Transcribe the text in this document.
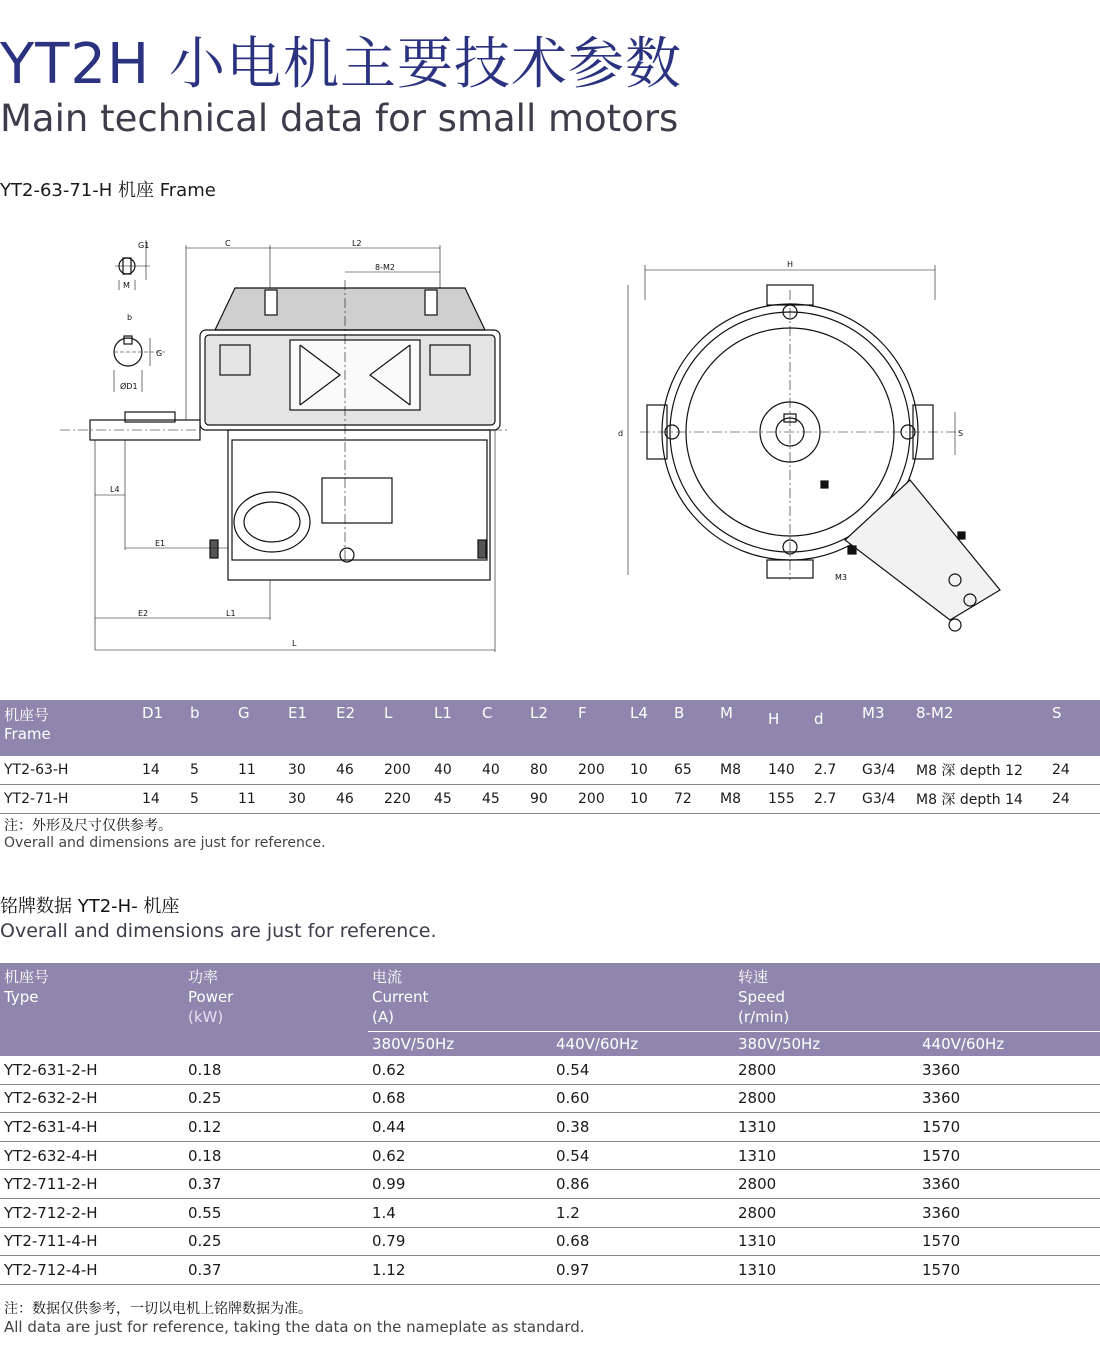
YT2H 小电机主要技术参数
Main technical data for small motors
YT2-63-71-H 机座 Frame
C	L2
8-M2
G1
M
b
G
ØD1
L4
E1
E2	L1
L
H
S
M3
d
机座号
Frame	D1	b	G	E1	E2	L	L1	C	L2	F	L4	B	M	H	d	M3	8-M2	S
YT2-63-H	14	5	11	30	46	200	40	40	80	200	10	65	M8	140	2.7	G3/4	M8 深 depth 12	24
YT2-71-H	14	5	11	30	46	220	45	45	90	200	10	72	M8	155	2.7	G3/4	M8 深 depth 14	24
注：外形及尺寸仅供参考。
Overall and dimensions are just for reference.
铭牌数据 YT2-H- 机座
Overall and dimensions are just for reference.
机座号
Type	功率
Power
(kW)	电流
Current
(A)		转速
Speed
(r/min)	
		380V/50Hz	440V/60Hz	380V/50Hz	440V/60Hz
YT2-631-2-H	0.18	0.62	0.54	2800	3360
YT2-632-2-H	0.25	0.68	0.60	2800	3360
YT2-631-4-H	0.12	0.44	0.38	1310	1570
YT2-632-4-H	0.18	0.62	0.54	1310	1570
YT2-711-2-H	0.37	0.99	0.86	2800	3360
YT2-712-2-H	0.55	1.4	1.2	2800	3360
YT2-711-4-H	0.25	0.79	0.68	1310	1570
YT2-712-4-H	0.37	1.12	0.97	1310	1570
注：数据仅供参考，一切以电机上铭牌数据为准。
All data are just for reference, taking the data on the nameplate as standard.
